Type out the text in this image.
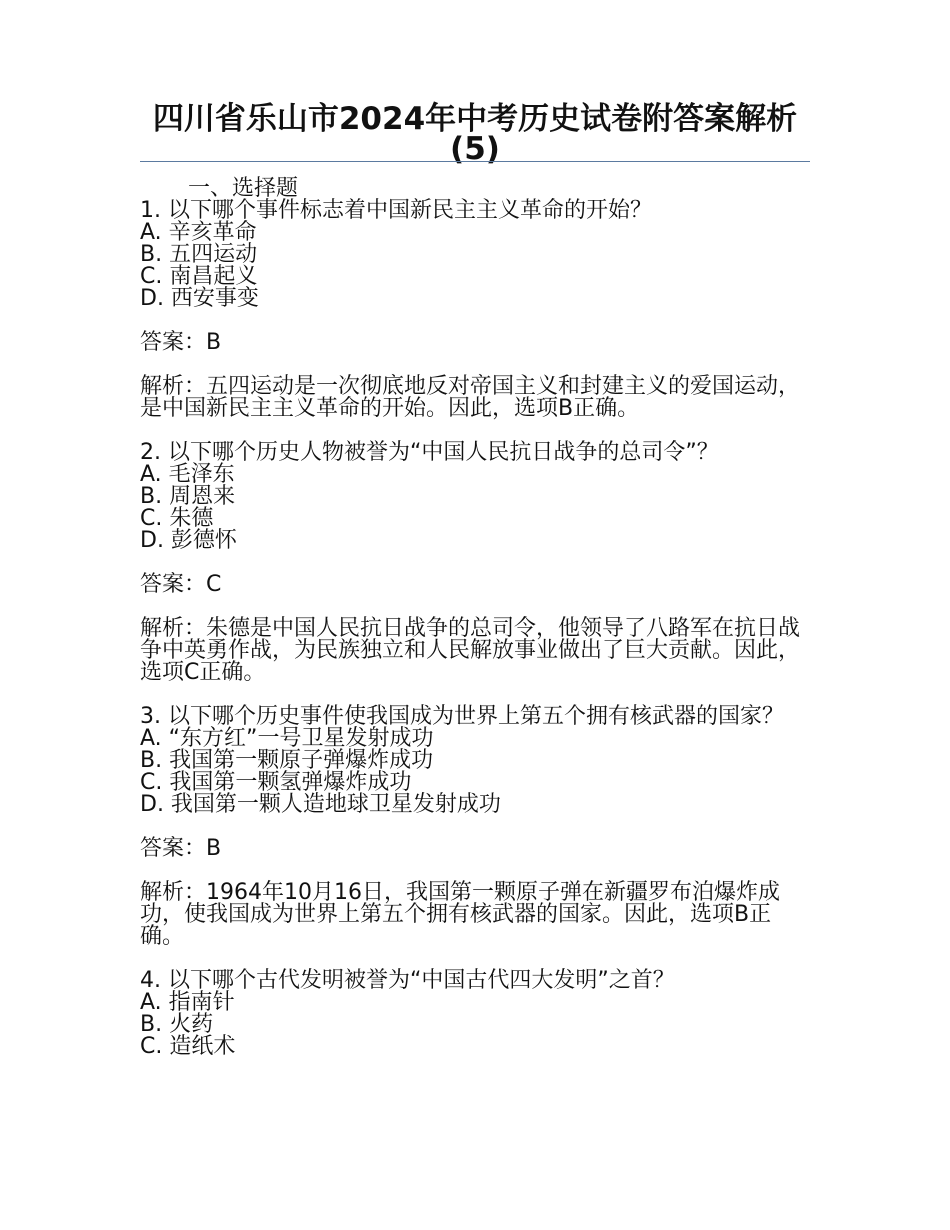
四川省乐山市2024年中考历史试卷附答案解析(5)
一、选择题
1. 以下哪个事件标志着中国新民主主义革命的开始？
A. 辛亥革命
B. 五四运动
C. 南昌起义
D. 西安事变
答案：B
解析：五四运动是一次彻底地反对帝国主义和封建主义的爱国运动，是中国新民主主义革命的开始。因此，选项B正确。
2. 以下哪个历史人物被誉为“中国人民抗日战争的总司令”？
A. 毛泽东
B. 周恩来
C. 朱德
D. 彭德怀
答案：C
解析：朱德是中国人民抗日战争的总司令，他领导了八路军在抗日战争中英勇作战，为民族独立和人民解放事业做出了巨大贡献。因此，选项C正确。
3. 以下哪个历史事件使我国成为世界上第五个拥有核武器的国家？
A. “东方红”一号卫星发射成功
B. 我国第一颗原子弹爆炸成功
C. 我国第一颗氢弹爆炸成功
D. 我国第一颗人造地球卫星发射成功
答案：B
解析：1964年10月16日，我国第一颗原子弹在新疆罗布泊爆炸成功，使我国成为世界上第五个拥有核武器的国家。因此，选项B正确。
4. 以下哪个古代发明被誉为“中国古代四大发明”之首？
A. 指南针
B. 火药
C. 造纸术
